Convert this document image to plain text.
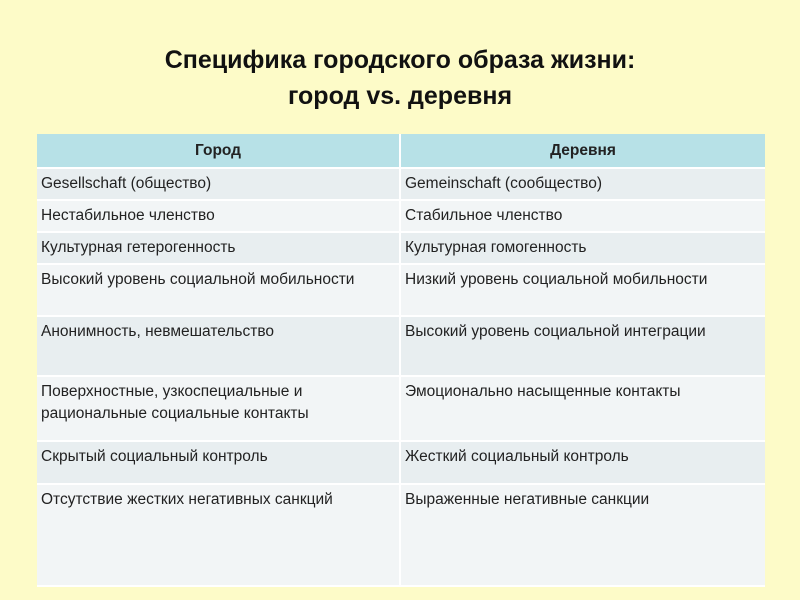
Специфика городского образа жизни:
город vs. деревня
Город	Деревня
Gesellschaft (общество)	Gemeinschaft (сообщество)
Нестабильное членство	Стабильное членство
Культурная гетерогенность	Культурная гомогенность
Высокий уровень социальной мобильности	Низкий уровень социальной мобильности
Анонимность, невмешательство	Высокий уровень социальной интеграции
Поверхностные, узкоспециальные и рациональные социальные контакты	Эмоционально насыщенные контакты
Скрытый социальный контроль	Жесткий социальный контроль
Отсутствие жестких негативных санкций	Выраженные негативные санкции
